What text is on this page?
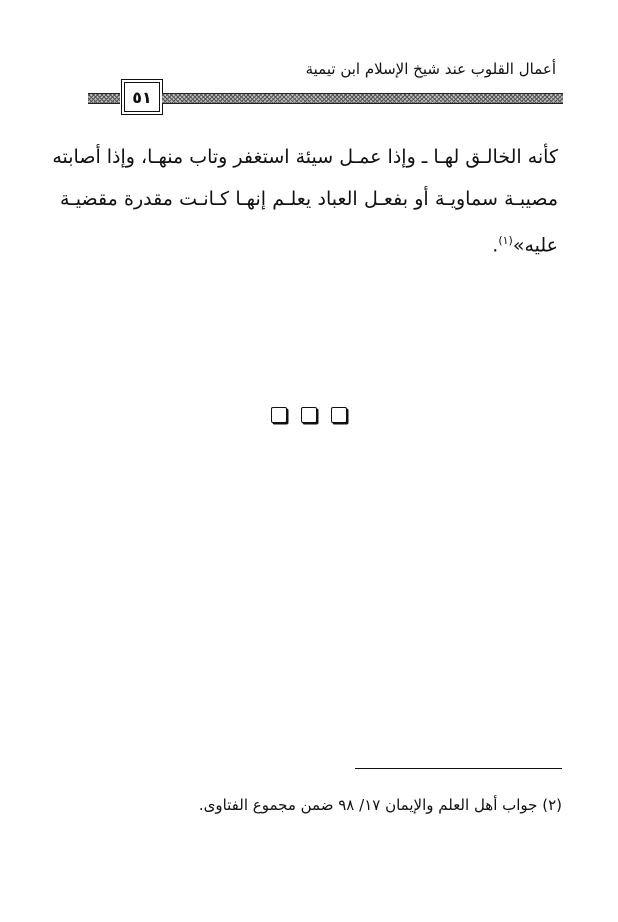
أعمال القلوب عند شيخ الإسلام ابن تيمية
٥١
كأنه الخالـق لهـا ـ وإذا عمـل سيئة استغفر وتاب منهـا، وإذا أصابته
مصيبـة سماويـة أو بفعـل العباد يعلـم إنهـا كـانـت مقدرة مقضيـة
عليه»$^{(١)}$.
(٢) جواب أهل العلم والإيمان ١٧/ ٩٨ ضمن مجموع الفتاوى.
